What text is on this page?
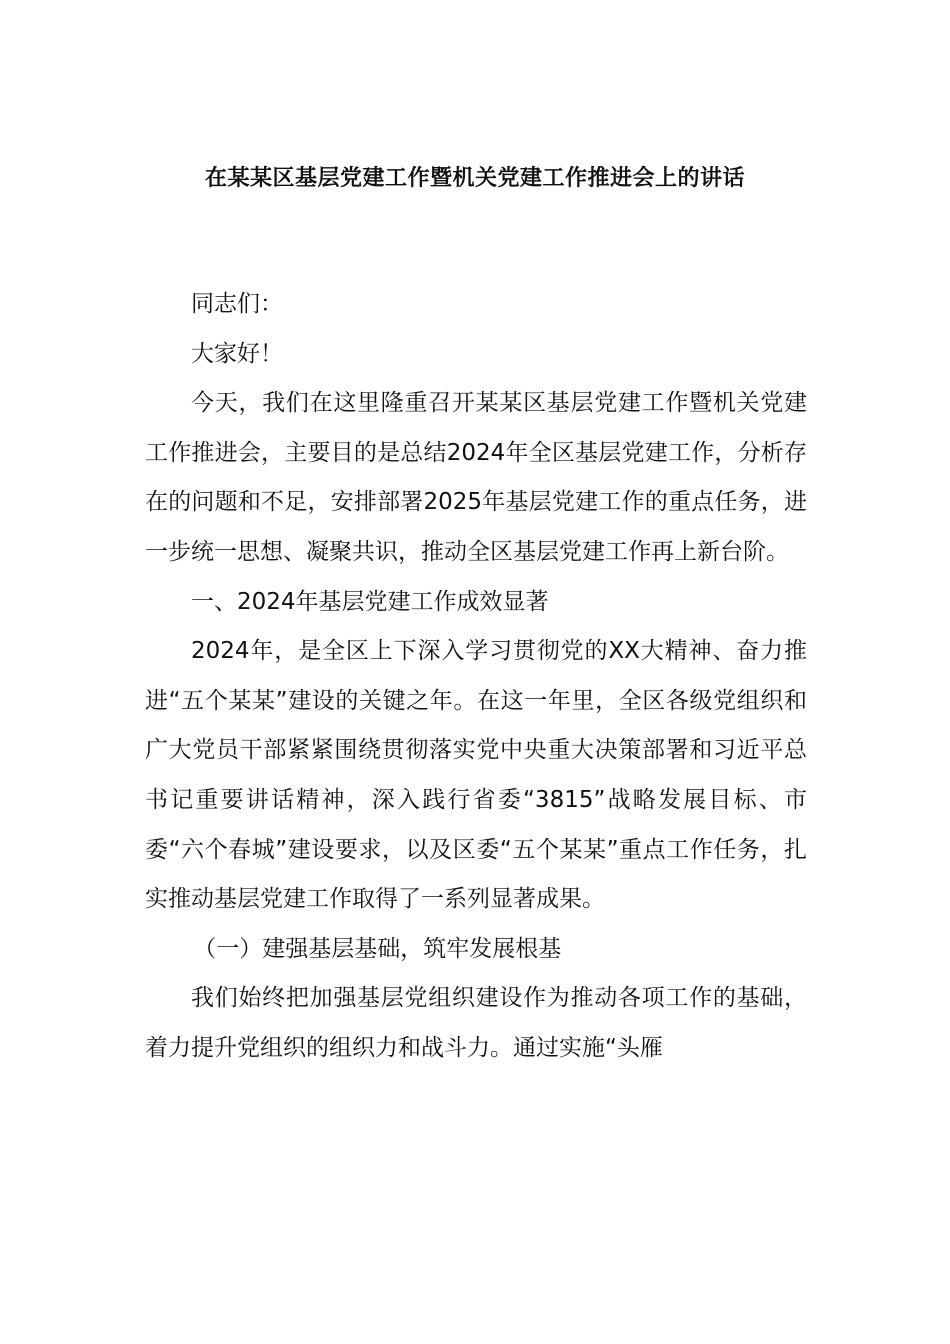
在某某区基层党建工作暨机关党建工作推进会上的讲话

同志们：

大家好！

今天，我们在这里隆重召开某某区基层党建工作暨机关党建工作推进会，主要目的是总结2024年全区基层党建工作，分析存在的问题和不足，安排部署2025年基层党建工作的重点任务，进一步统一思想、凝聚共识，推动全区基层党建工作再上新台阶。

一、2024年基层党建工作成效显著

2024年，是全区上下深入学习贯彻党的XX大精神、奋力推进“五个某某”建设的关键之年。在这一年里，全区各级党组织和广大党员干部紧紧围绕贯彻落实党中央重大决策部署和习近平总书记重要讲话精神，深入践行省委“3815”战略发展目标、市委“六个春城”建设要求，以及区委“五个某某”重点工作任务，扎实推动基层党建工作取得了一系列显著成果。

（一）建强基层基础，筑牢发展根基

我们始终把加强基层党组织建设作为推动各项工作的基础，着力提升党组织的组织力和战斗力。通过实施“头雁
